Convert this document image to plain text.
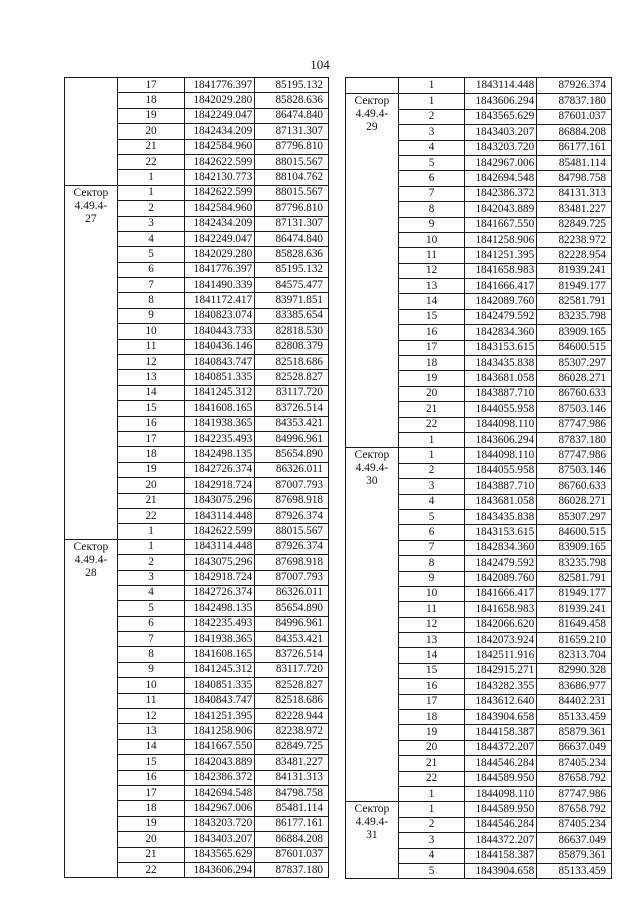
104
	17	1841776.397	85195.132
	18	1842029.280	85828.636
	19	1842249.047	86474.840
	20	1842434.209	87131.307
	21	1842584.960	87796.810
	22	1842622.599	88015.567
	1	1842130.773	88104.762

Сектор
4.49.4-
27	1	1842622.599	88015.567
	2	1842584.960	87796.810
	3	1842434.209	87131.307
	4	1842249.047	86474.840
	5	1842029.280	85828.636
	6	1841776.397	85195.132
	7	1841490.339	84575.477
	8	1841172.417	83971.851
	9	1840823.074	83385.654
	10	1840443.733	82818.530
	11	1840436.146	82808.379
	12	1840843.747	82518.686
	13	1840851.335	82528.827
	14	1841245.312	83117.720
	15	1841608.165	83726.514
	16	1841938.365	84353.421
	17	1842235.493	84996.961
	18	1842498.135	85654.890
	19	1842726.374	86326.011
	20	1842918.724	87007.793
	21	1843075.296	87698.918
	22	1843114.448	87926.374
	1	1842622.599	88015.567

Сектор
4.49.4-
28	1	1843114.448	87926.374
	2	1843075.296	87698.918
	3	1842918.724	87007.793
	4	1842726.374	86326.011
	5	1842498.135	85654.890
	6	1842235.493	84996.961
	7	1841938.365	84353.421
	8	1841608.165	83726.514
	9	1841245.312	83117.720
	10	1840851.335	82528.827
	11	1840843.747	82518.686
	12	1841251.395	82228.944
	13	1841258.906	82238.972
	14	1841667.550	82849.725
	15	1842043.889	83481.227
	16	1842386.372	84131.313
	17	1842694.548	84798.758
	18	1842967.006	85481.114
	19	1843203.720	86177.161
	20	1843403.207	86884.208
	21	1843565.629	87601.037
	22	1843606.294	87837.180
	1	1843114.448	87926.374

Сектор
4.49.4-
29	1	1843606.294	87837.180
	2	1843565.629	87601.037
	3	1843403.207	86884.208
	4	1843203.720	86177.161
	5	1842967.006	85481.114
	6	1842694.548	84798.758
	7	1842386.372	84131.313
	8	1842043.889	83481.227
	9	1841667.550	82849.725
	10	1841258.906	82238.972
	11	1841251.395	82228.954
	12	1841658.983	81939.241
	13	1841666.417	81949.177
	14	1842089.760	82581.791
	15	1842479.592	83235.798
	16	1842834.360	83909.165
	17	1843153.615	84600.515
	18	1843435.838	85307.297
	19	1843681.058	86028.271
	20	1843887.710	86760.633
	21	1844055.958	87503.146
	22	1844098.110	87747.986
	1	1843606.294	87837.180

Сектор
4.49.4-
30	1	1844098.110	87747.986
	2	1844055.958	87503.146
	3	1843887.710	86760.633
	4	1843681.058	86028.271
	5	1843435.838	85307.297
	6	1843153.615	84600.515
	7	1842834.360	83909.165
	8	1842479.592	83235.798
	9	1842089.760	82581.791
	10	1841666.417	81949.177
	11	1841658.983	81939.241
	12	1842066.620	81649.458
	13	1842073.924	81659.210
	14	1842511.916	82313.704
	15	1842915.271	82990.328
	16	1843282.355	83686.977
	17	1843612.640	84402.231
	18	1843904.658	85133.459
	19	1844158.387	85879.361
	20	1844372.207	86637.049
	21	1844546.284	87405.234
	22	1844589.950	87658.792
	1	1844098.110	87747.986

Сектор
4.49.4-
31	1	1844589.950	87658.792
	2	1844546.284	87405.234
	3	1844372.207	86637.049
	4	1844158.387	85879.361
	5	1843904.658	85133.459
